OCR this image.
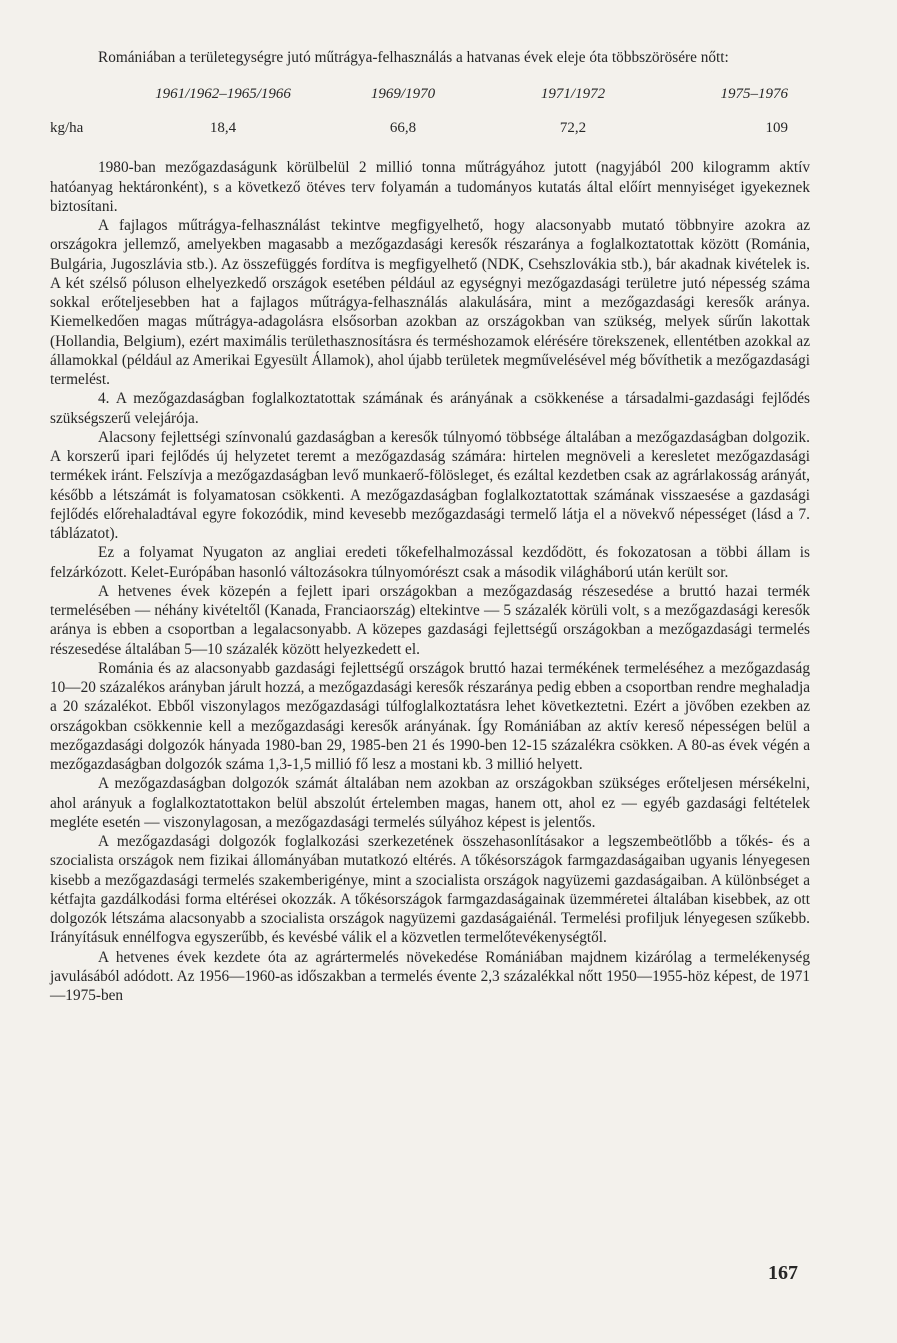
Romániában a területegységre jutó műtrágya-felhasználás a hatvanas évek eleje óta többszörösére nőtt:

1961/1962–1965/1966	1969/1970	1971/1972	1975–1976
kg/ha	18,4	66,8	72,2	109

1980-ban mezőgazdaságunk körülbelül 2 millió tonna műtrágyához jutott (nagyjából 200 kilogramm aktív hatóanyag hektáronként), s a következő ötéves terv folyamán a tudományos kutatás által előírt mennyiséget igyekeznek biztosítani.

A fajlagos műtrágya-felhasználást tekintve megfigyelhető, hogy alacsonyabb mutató többnyire azokra az országokra jellemző, amelyekben magasabb a mezőgazdasági keresők részaránya a foglalkoztatottak között (Románia, Bulgária, Jugoszlávia stb.). Az összefüggés fordítva is megfigyelhető (NDK, Csehszlovákia stb.), bár akadnak kivételek is. A két szélső póluson elhelyezkedő országok esetében például az egységnyi mezőgazdasági területre jutó népesség száma sokkal erőteljesebben hat a fajlagos műtrágya-felhasználás alakulására, mint a mezőgazdasági keresők aránya. Kiemelkedően magas műtrágya-adagolásra elsősorban azokban az országokban van szükség, melyek sűrűn lakottak (Hollandia, Belgium), ezért maximális területhasznosításra és terméshozamok elérésére törekszenek, ellentétben azokkal az államokkal (például az Amerikai Egyesült Államok), ahol újabb területek megművelésével még bővíthetik a mezőgazdasági termelést.

4. A mezőgazdaságban foglalkoztatottak számának és arányának a csökkenése a társadalmi-gazdasági fejlődés szükségszerű velejárója.

Alacsony fejlettségi színvonalú gazdaságban a keresők túlnyomó többsége általában a mezőgazdaságban dolgozik. A korszerű ipari fejlődés új helyzetet teremt a mezőgazdaság számára: hirtelen megnöveli a keresletet mezőgazdasági termékek iránt. Felszívja a mezőgazdaságban levő munkaerő-fölösleget, és ezáltal kezdetben csak az agrárlakosság arányát, később a létszámát is folyamatosan csökkenti. A mezőgazdaságban foglalkoztatottak számának visszaesése a gazdasági fejlődés előrehaladtával egyre fokozódik, mind kevesebb mezőgazdasági termelő látja el a növekvő népességet (lásd a 7. táblázatot).

Ez a folyamat Nyugaton az angliai eredeti tőkefelhalmozással kezdődött, és fokozatosan a többi állam is felzárkózott. Kelet-Európában hasonló változásokra túlnyomórészt csak a második világháború után került sor.

A hetvenes évek közepén a fejlett ipari országokban a mezőgazdaság részesedése a bruttó hazai termék termelésében — néhány kivételtől (Kanada, Franciaország) eltekintve — 5 százalék körüli volt, s a mezőgazdasági keresők aránya is ebben a csoportban a legalacsonyabb. A közepes gazdasági fejlettségű országokban a mezőgazdasági termelés részesedése általában 5—10 százalék között helyezkedett el.

Románia és az alacsonyabb gazdasági fejlettségű országok bruttó hazai termékének termeléséhez a mezőgazdaság 10—20 százalékos arányban járult hozzá, a mezőgazdasági keresők részaránya pedig ebben a csoportban rendre meghaladja a 20 százalékot. Ebből viszonylagos mezőgazdasági túlfoglalkoztatásra lehet következtetni. Ezért a jövőben ezekben az országokban csökkennie kell a mezőgazdasági keresők arányának. Így Romániában az aktív kereső népességen belül a mezőgazdasági dolgozók hányada 1980-ban 29, 1985-ben 21 és 1990-ben 12-15 százalékra csökken. A 80-as évek végén a mezőgazdaságban dolgozók száma 1,3-1,5 millió fő lesz a mostani kb. 3 millió helyett.

A mezőgazdaságban dolgozók számát általában nem azokban az országokban szükséges erőteljesen mérsékelni, ahol arányuk a foglalkoztatottakon belül abszolút értelemben magas, hanem ott, ahol ez — egyéb gazdasági feltételek megléte esetén — viszonylagosan, a mezőgazdasági termelés súlyához képest is jelentős.

A mezőgazdasági dolgozók foglalkozási szerkezetének összehasonlításakor a legszembeötlőbb a tőkés- és a szocialista országok nem fizikai állományában mutatkozó eltérés. A tőkésországok farmgazdaságaiban ugyanis lényegesen kisebb a mezőgazdasági termelés szakemberigénye, mint a szocialista országok nagyüzemi gazdaságaiban. A különbséget a kétfajta gazdálkodási forma eltérései okozzák. A tőkésországok farmgazdaságainak üzemméretei általában kisebbek, az ott dolgozók létszáma alacsonyabb a szocialista országok nagyüzemi gazdaságaiénál. Termelési profiljuk lényegesen szűkebb. Irányításuk ennélfogva egyszerűbb, és kevésbé válik el a közvetlen termelőtevékenységtől.

A hetvenes évek kezdete óta az agrártermelés növekedése Romániában majdnem kizárólag a termelékenység javulásából adódott. Az 1956—1960-as időszakban a termelés évente 2,3 százalékkal nőtt 1950—1955-höz képest, de 1971—1975-ben

167
